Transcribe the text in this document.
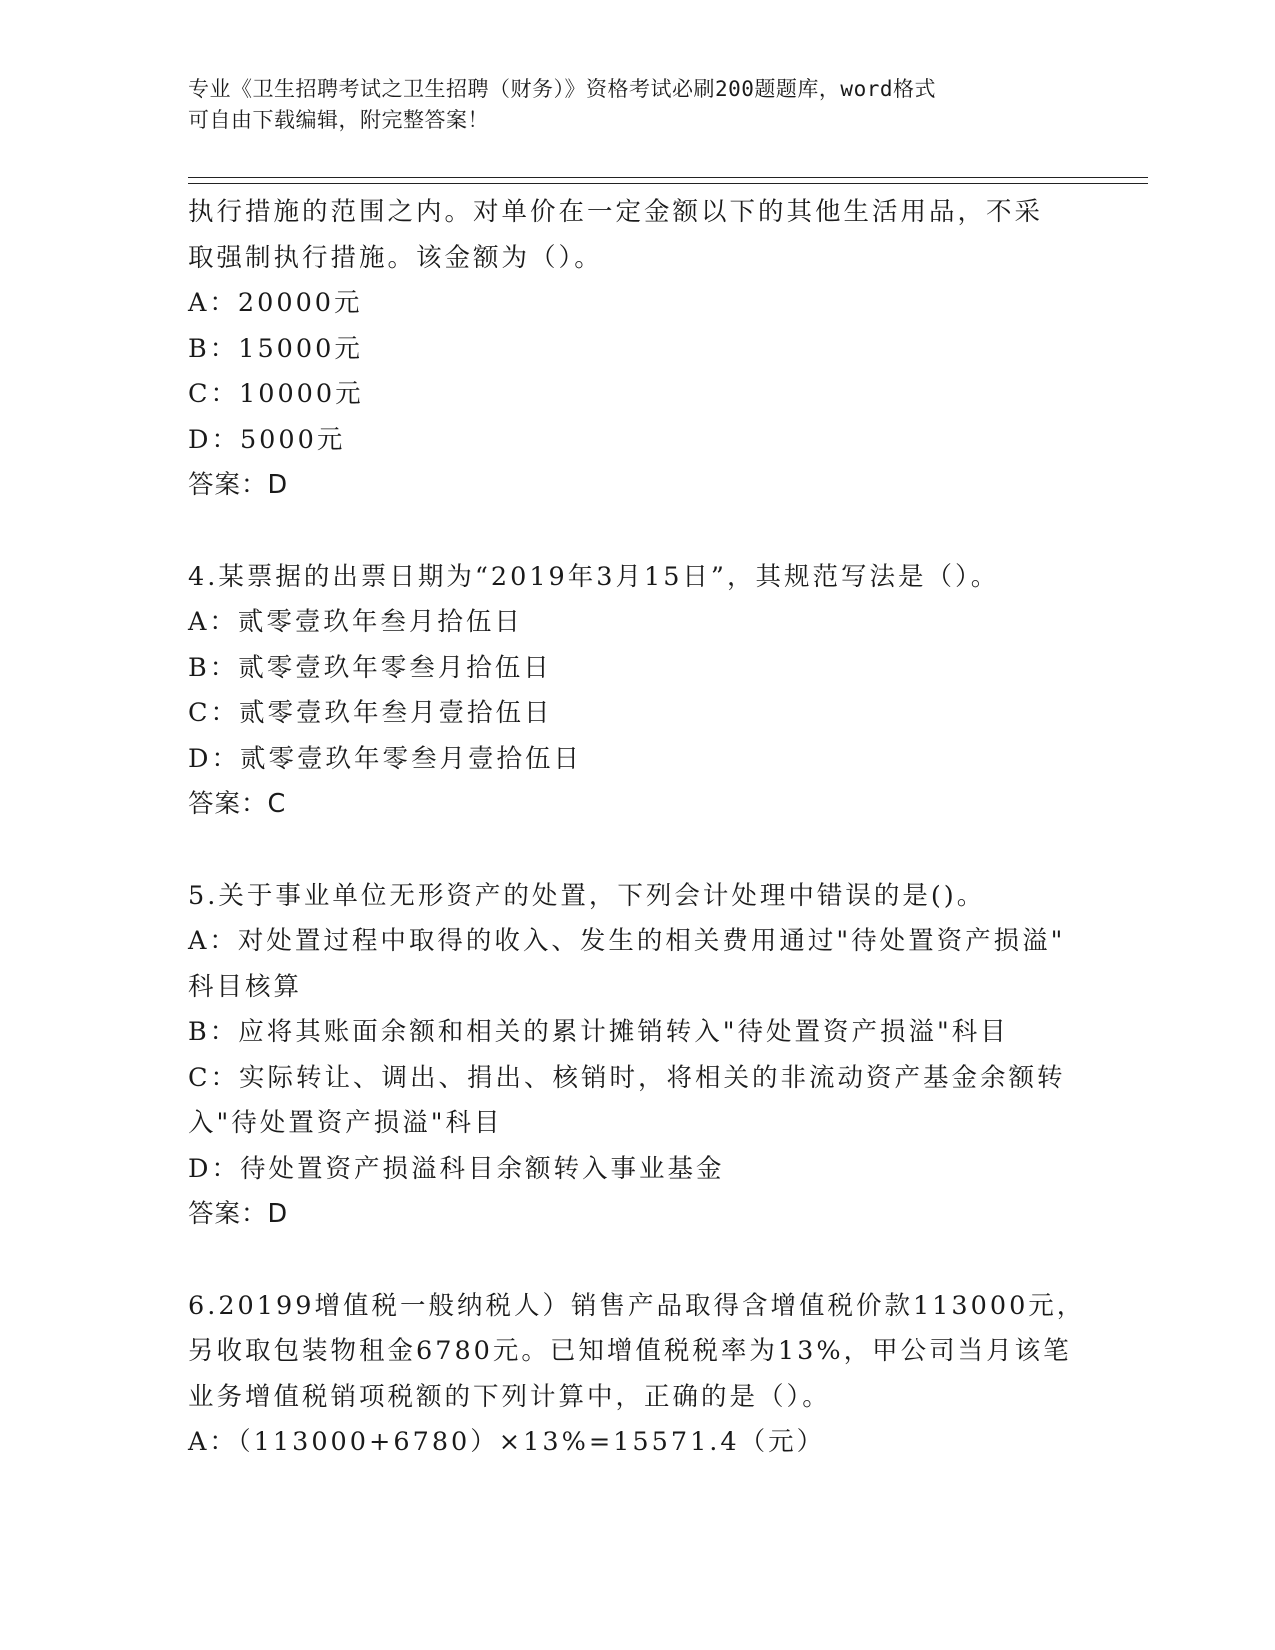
专业《卫生招聘考试之卫生招聘（财务）》资格考试必刷200题题库，word格式
可自由下载编辑，附完整答案！
执行措施的范围之内。对单价在一定金额以下的其他生活用品，不采
取强制执行措施。该金额为（）。
A：20000元
B：15000元
C：10000元
D：5000元
答案：D
4.某票据的出票日期为“2019年3月15日”，其规范写法是（）。
A：贰零壹玖年叁月拾伍日
B：贰零壹玖年零叁月拾伍日
C：贰零壹玖年叁月壹拾伍日
D：贰零壹玖年零叁月壹拾伍日
答案：C
5.关于事业单位无形资产的处置，下列会计处理中错误的是()。
A：对处置过程中取得的收入、发生的相关费用通过"待处置资产损溢"
科目核算
B：应将其账面余额和相关的累计摊销转入"待处置资产损溢"科目
C：实际转让、调出、捐出、核销时，将相关的非流动资产基金余额转
入"待处置资产损溢"科目
D：待处置资产损溢科目余额转入事业基金
答案：D
6.20199增值税一般纳税人）销售产品取得含增值税价款113000元，
另收取包装物租金6780元。已知增值税税率为13%，甲公司当月该笔
业务增值税销项税额的下列计算中，正确的是（）。
A：（113000+6780）×13%=15571.4（元）
